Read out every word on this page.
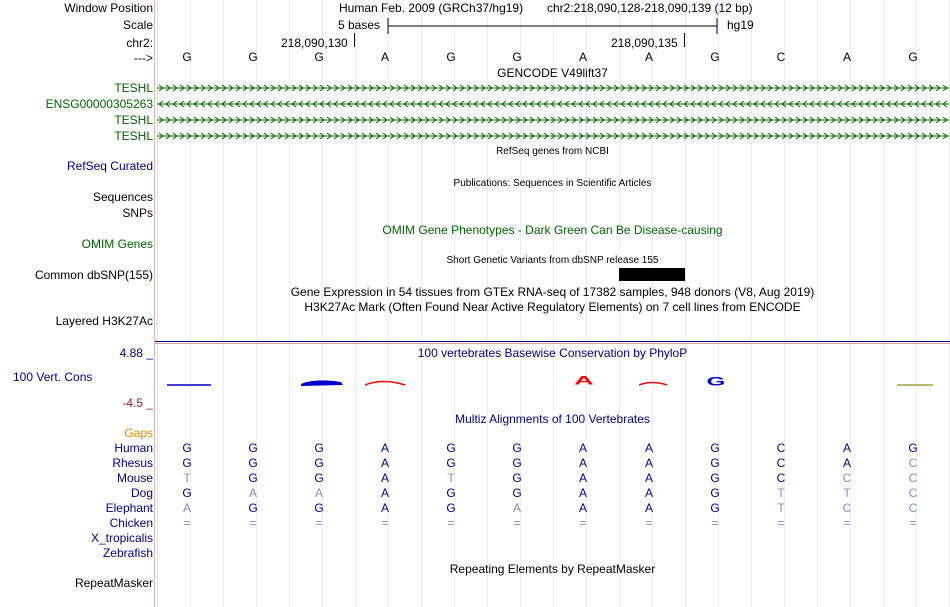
Window Position	Human Feb. 2009 (GRCh37/hg19) chr2:218,090,128-218,090,139 (12 bp)
Scale	5 bases	hg19
chr2:	218,090,130	218,090,135
--->	G	G	G	A	G	G	A	A	G	C	A	G
GENCODE V49lift37
TESHL
ENSG00000305263
TESHL
TESHL
RefSeq Curated
RefSeq genes from NCBI
Publications: Sequences in Scientific Articles
Sequences
SNPs
OMIM Gene Phenotypes - Dark Green Can Be Disease-causing
OMIM Genes
Short Genetic Variants from dbSNP release 155
Common dbSNP(155)
Gene Expression in 54 tissues from GTEx RNA-seq of 17382 samples, 948 donors (V8, Aug 2019)
H3K27Ac Mark (Often Found Near Active Regulatory Elements) on 7 cell lines from ENCODE
Layered H3K27Ac
4.88 _	100 vertebrates Basewise Conservation by PhyloP
100 Vert. Cons
-4.5 _
A	G
Multiz Alignments of 100 Vertebrates
Gaps
Human	G	G	G	A	G	G	A	A	G	C	A	G
Rhesus	G	G	G	A	G	G	A	A	G	C	A	C
Mouse	T	G	G	A	T	G	A	A	G	C	C	C
Dog	G	A	A	A	G	G	A	A	G	T	T	C
Elephant	A	G	G	A	G	A	A	A	G	T	C	C
Chicken	=	=	=	=	=	=	=	=	=	=	=	=
X_tropicalis
Zebrafish
Repeating Elements by RepeatMasker
RepeatMasker
